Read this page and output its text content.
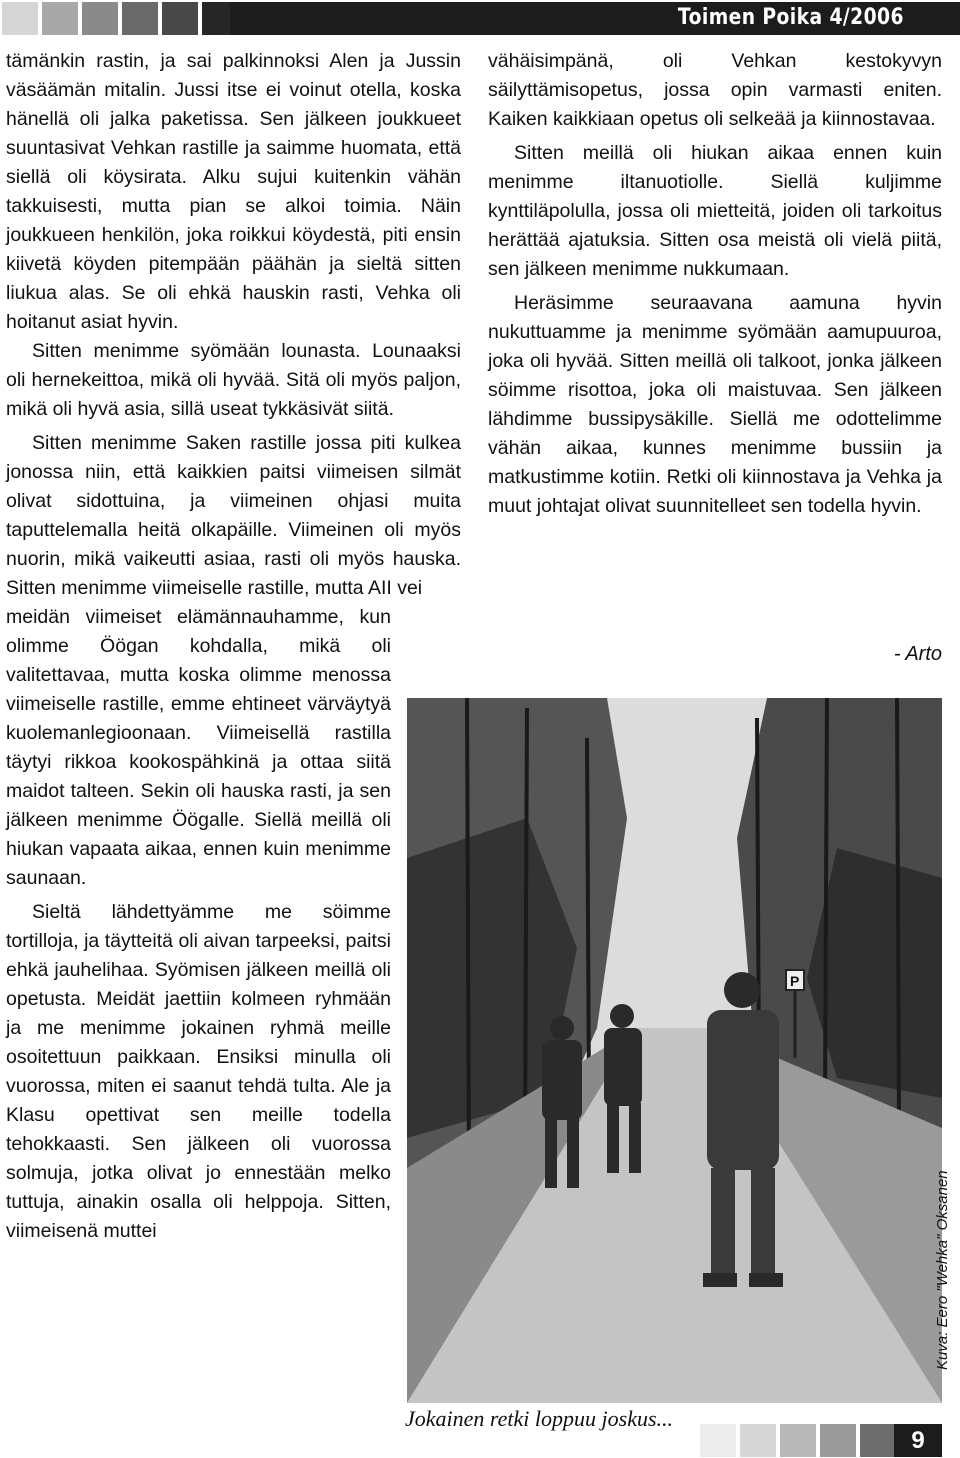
Toimen Poika 4/2006

tämänkin rastin, ja sai palkinnoksi Alen ja Jussin väsäämän mitalin. Jussi itse ei voinut otella, koska hänellä oli jalka paketissa. Sen jälkeen joukkueet suuntasivat Vehkan rastille ja saimme huomata, että siellä oli köysirata. Alku sujui kuitenkin vähän takkuisesti, mutta pian se alkoi toimia. Näin joukkueen henkilön, joka roikkui köydestä, piti ensin kiivetä köyden pitempään päähän ja sieltä sitten liukua alas. Se oli ehkä hauskin rasti, Vehka oli hoitanut asiat hyvin.

Sitten menimme syömään lounasta. Lounaaksi oli hernekeittoa, mikä oli hyvää. Sitä oli myös paljon, mikä oli hyvä asia, sillä useat tykkäsivät siitä.

Sitten menimme Saken rastille jossa piti kulkea jonossa niin, että kaikkien paitsi viimeisen silmät olivat sidottuina, ja viimeinen ohjasi muita taputtelemalla heitä olkapäille. Viimeinen oli myös nuorin, mikä vaikeutti asiaa, rasti oli myös hauska. Sitten menimme viimeiselle rastille, mutta AII vei

meidän viimeiset elämännauhamme, kun olimme Öögan kohdalla, mikä oli valitettavaa, mutta koska olimme menossa viimeiselle rastille, emme ehtineet värväytyä kuolemanlegioonaan. Viimeisellä rastilla täytyi rikkoa kookospähkinä ja ottaa siitä maidot talteen. Sekin oli hauska rasti, ja sen jälkeen menimme Öögalle. Siellä meillä oli hiukan vapaata aikaa, ennen kuin menimme saunaan.

Sieltä lähdettyämme me söimme tortilloja, ja täytteitä oli aivan tarpeeksi, paitsi ehkä jauhelihaa. Syömisen jälkeen meillä oli opetusta. Meidät jaettiin kolmeen ryhmään ja me menimme jokainen ryhmä meille osoitettuun paikkaan. Ensiksi minulla oli vuorossa, miten ei saanut tehdä tulta. Ale ja Klasu opettivat sen meille todella tehokkaasti. Sen jälkeen oli vuorossa solmuja, jotka olivat jo ennestään melko tuttuja, ainakin osalla oli helppoja. Sitten, viimeisenä muttei

vähäisimpänä, oli Vehkan kestokyvyn säilyttämisopetus, jossa opin varmasti eniten. Kaiken kaikkiaan opetus oli selkeää ja kiinnostavaa.

Sitten meillä oli hiukan aikaa ennen kuin menimme iltanuotiolle. Siellä kuljimme kynttiläpolulla, jossa oli mietteitä, joiden oli tarkoitus herättää ajatuksia. Sitten osa meistä oli vielä piitä, sen jälkeen menimme nukkumaan.

Heräsimme seuraavana aamuna hyvin nukuttuamme ja menimme syömään aamupuuroa, joka oli hyvää. Sitten meillä oli talkoot, jonka jälkeen söimme risottoa, joka oli maistuvaa. Sen jälkeen lähdimme bussipysäkille. Siellä me odottelimme vähän aikaa, kunnes menimme bussiin ja matkustimme kotiin. Retki oli kiinnostava ja Vehka ja muut johtajat olivat suunnitelleet sen todella hyvin.

- Arto
P
Jokainen retki loppuu joskus...
Kuva: Eero "Wehka" Oksanen
9
